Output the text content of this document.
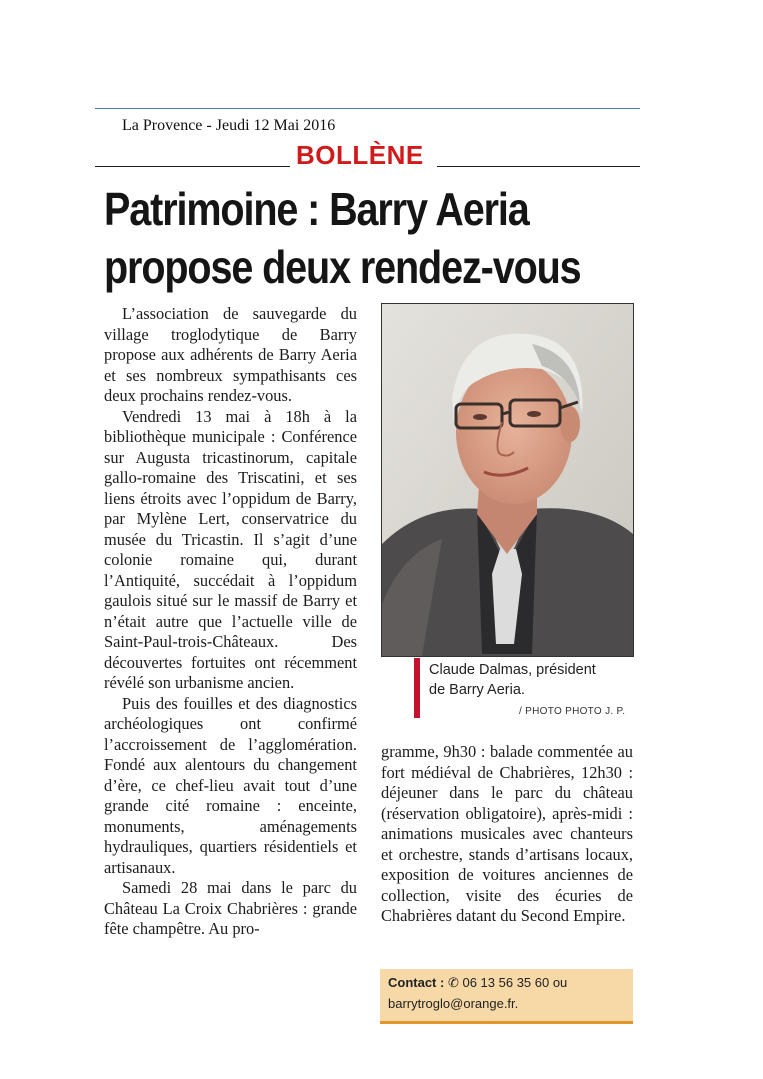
La Provence - Jeudi 12 Mai 2016
BOLLÈNE
Patrimoine : Barry Aeria
propose deux rendez-vous

L’association de sauvegarde du village troglodytique de Barry propose aux adhérents de Barry Aeria et ses nombreux sympathisants ces deux prochains rendez-vous.

Vendredi 13 mai à 18h à la bibliothèque municipale : Conférence sur Augusta tricastinorum, capitale gallo-romaine des Triscatini, et ses liens étroits avec l’oppidum de Barry, par Mylène Lert, conservatrice du musée du Tricastin. Il s’agit d’une colonie romaine qui, durant l’Antiquité, succédait à l’oppidum gaulois situé sur le massif de Barry et n’était autre que l’actuelle ville de Saint-Paul-trois-Châteaux. Des découvertes fortuites ont récemment révélé son urbanisme ancien.

Puis des fouilles et des diagnostics archéologiques ont confirmé l’accroissement de l’agglomération. Fondé aux alentours du changement d’ère, ce chef-lieu avait tout d’une grande cité romaine : enceinte, monuments, aménagements hydrauliques, quartiers résidentiels et artisanaux.

Samedi 28 mai dans le parc du Château La Croix Chabrières : grande fête champêtre. Au pro-

Claude Dalmas, président
de Barry Aeria.
/ PHOTO PHOTO J. P.

gramme, 9h30 : balade commentée au fort médiéval de Chabrières, 12h30 : déjeuner dans le parc du château (réservation obligatoire), après-midi : animations musicales avec chanteurs et orchestre, stands d’artisans locaux, exposition de voitures anciennes de collection, visite des écuries de Chabrières datant du Second Empire.

Contact : ✆ 06 13 56 35 60 ou
barrytroglo@orange.fr.
